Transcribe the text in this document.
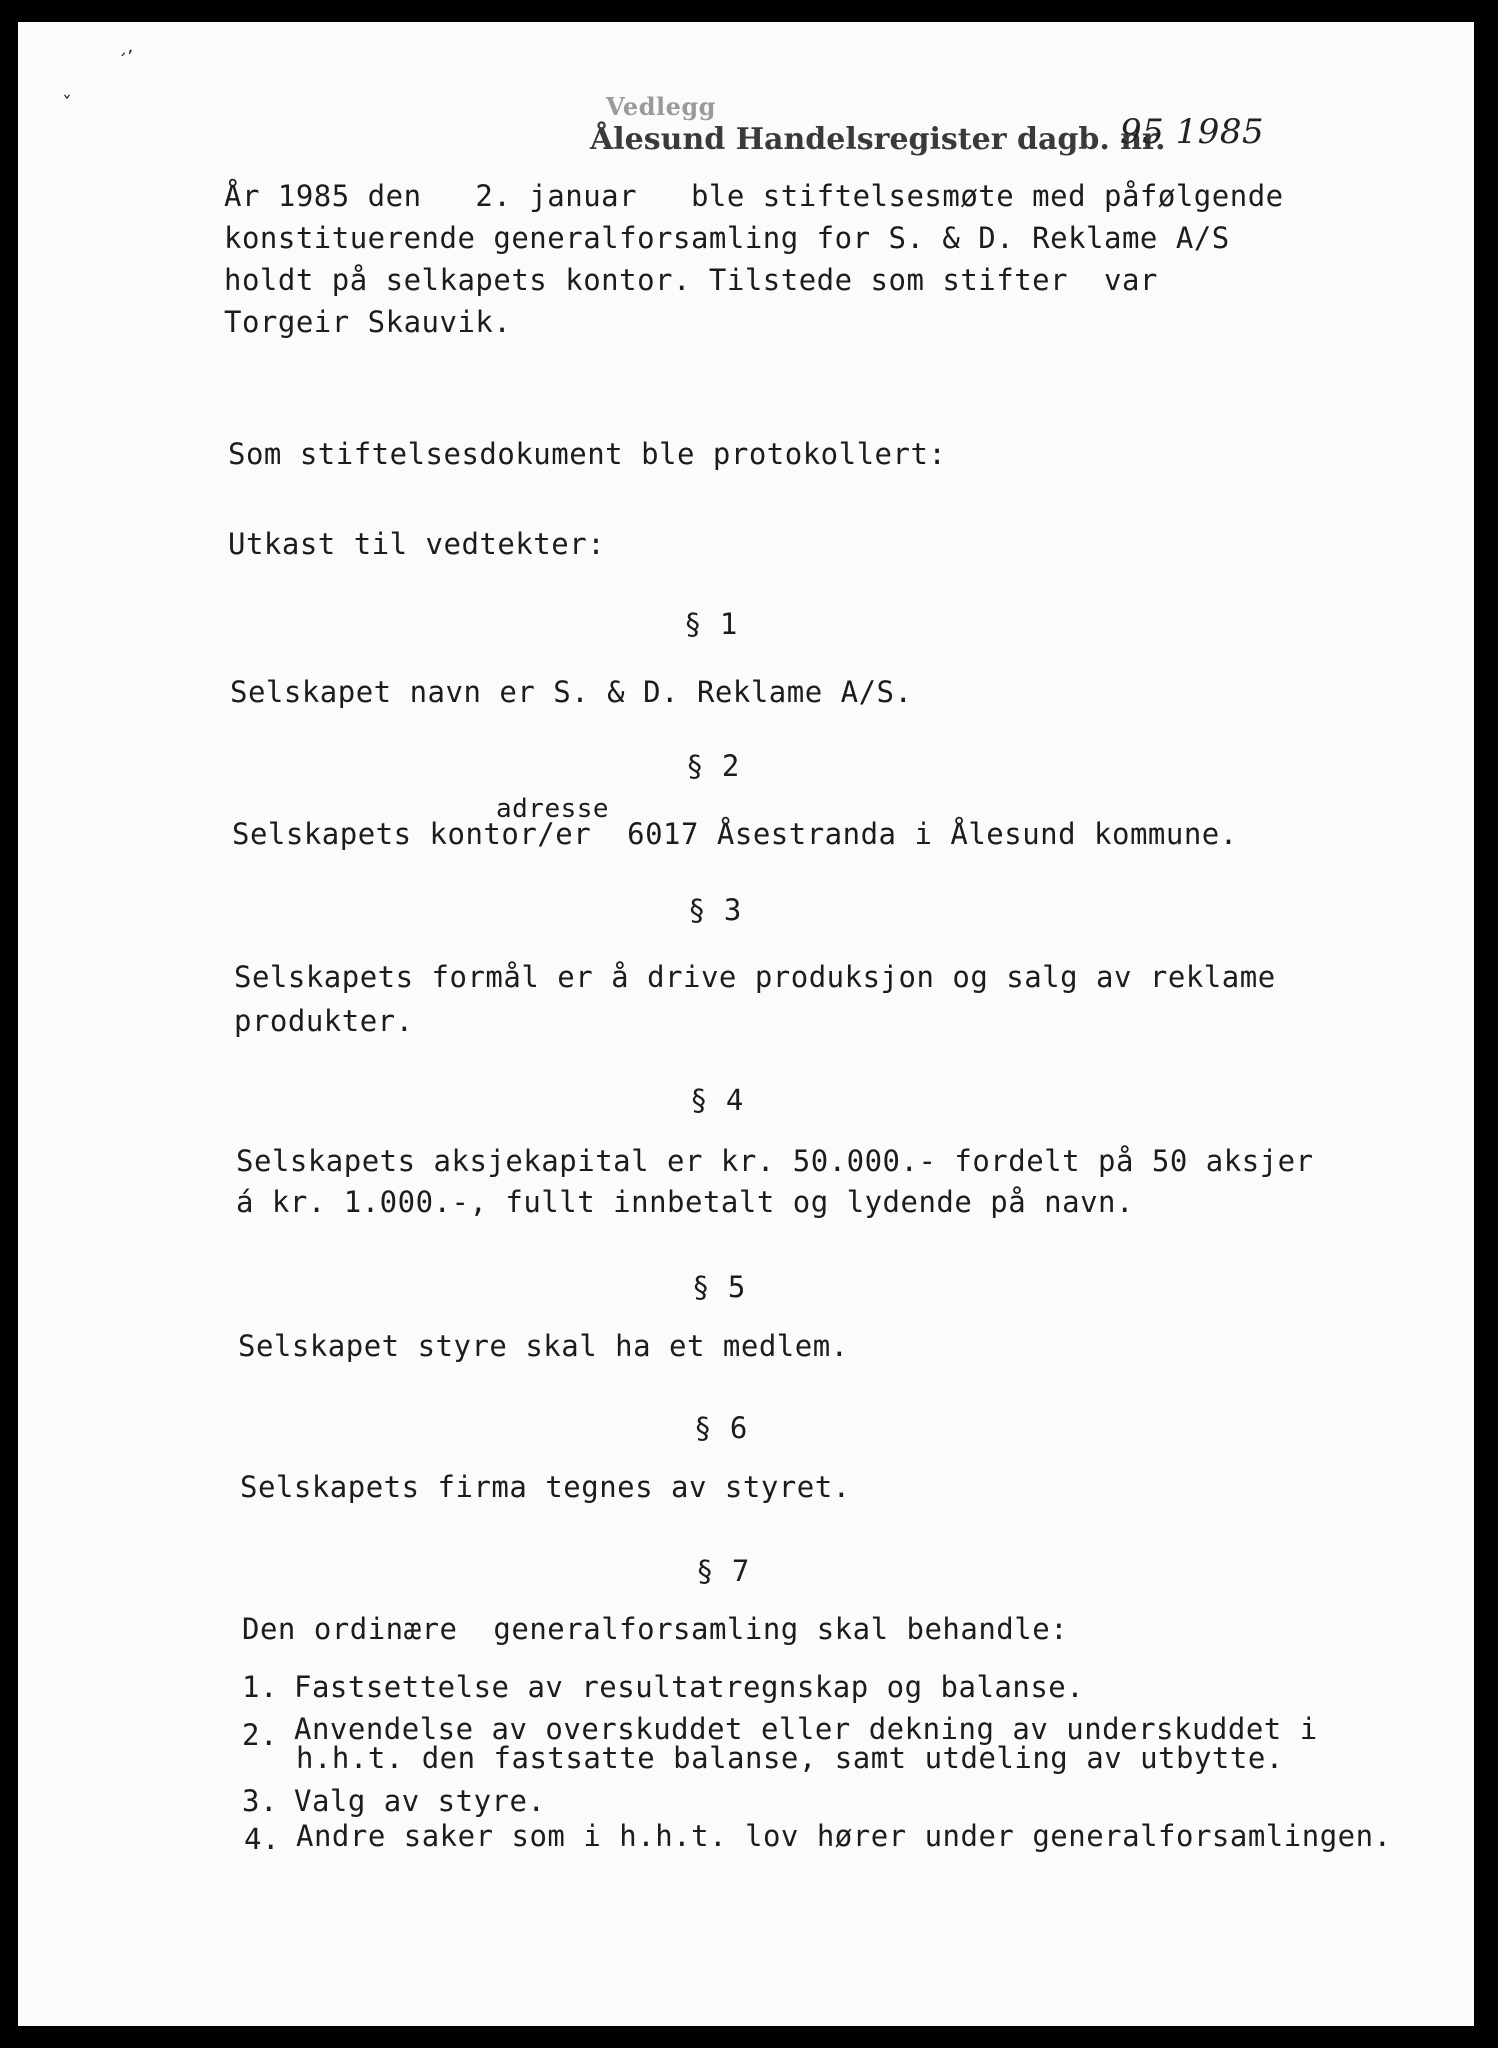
ˏ,
ˇ	Vedlegg
Ålesund Handelsregister dagb. nr.
95 1985
År 1985 den   2. januar   ble stiftelsesmøte med påfølgende
konstituerende generalforsamling for S. & D. Reklame A/S
holdt på selkapets kontor. Tilstede som stifter  var
Torgeir Skauvik.
Som stiftelsesdokument ble protokollert:
Utkast til vedtekter:
§ 1
Selskapet navn er S. & D. Reklame A/S.
§ 2
adresse
Selskapets kontor/er  6017 Åsestranda i Ålesund kommune.
§ 3
Selskapets formål er å drive produksjon og salg av reklame
produkter.
§ 4
Selskapets aksjekapital er kr. 50.000.- fordelt på 50 aksjer
á kr. 1.000.-, fullt innbetalt og lydende på navn.
§ 5
Selskapet styre skal ha et medlem.
§ 6
Selskapets firma tegnes av styret.
§ 7
Den ordinære  generalforsamling skal behandle:
1. Fastsettelse av resultatregnskap og balanse.
2. Anvendelse av overskuddet eller dekning av underskuddet i
h.h.t. den fastsatte balanse, samt utdeling av utbytte.
3. Valg av styre.
4. Andre saker som i h.h.t. lov hører under generalforsamlingen.
